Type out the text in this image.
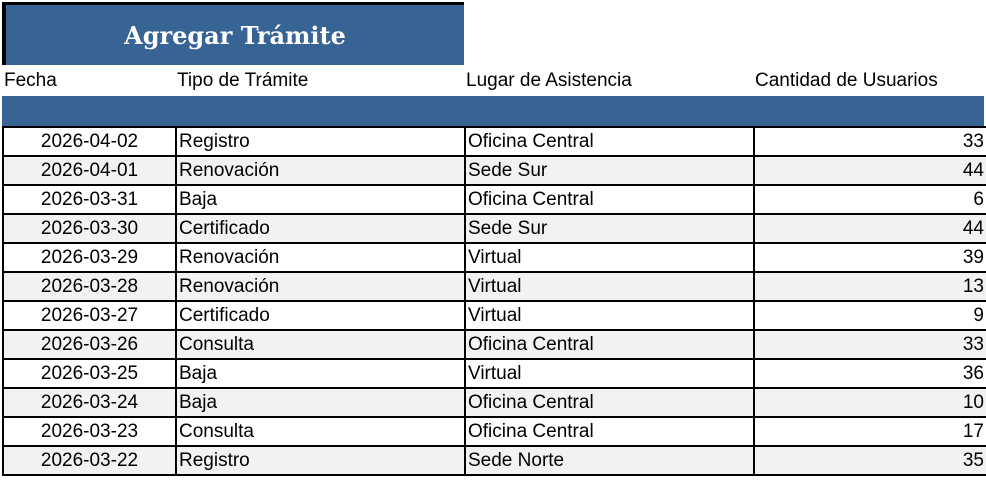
Agregar Trámite
Fecha	Tipo de Trámite	Lugar de Asistencia	Cantidad de Usuarios
2026-04-02	Registro	Oficina Central	33
2026-04-01	Renovación	Sede Sur	44
2026-03-31	Baja	Oficina Central	6
2026-03-30	Certificado	Sede Sur	44
2026-03-29	Renovación	Virtual	39
2026-03-28	Renovación	Virtual	13
2026-03-27	Certificado	Virtual	9
2026-03-26	Consulta	Oficina Central	33
2026-03-25	Baja	Virtual	36
2026-03-24	Baja	Oficina Central	10
2026-03-23	Consulta	Oficina Central	17
2026-03-22	Registro	Sede Norte	35
